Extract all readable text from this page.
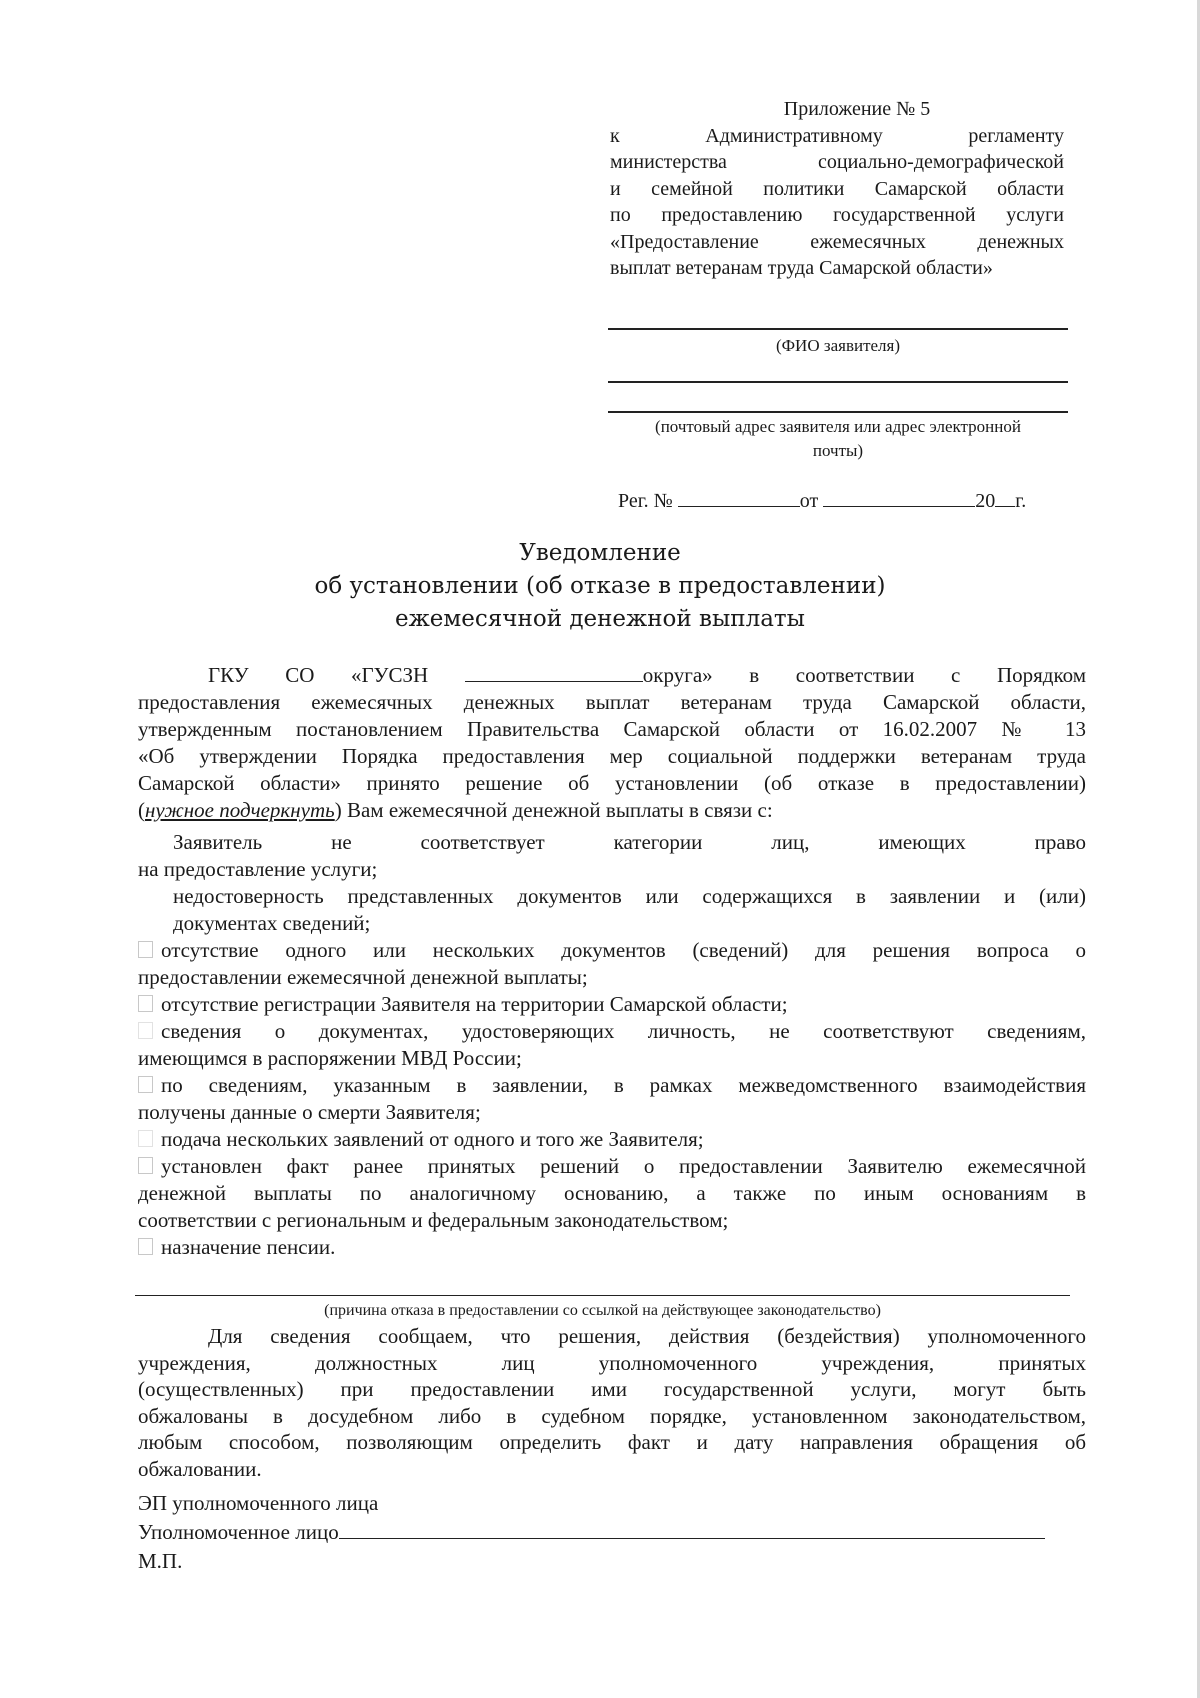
Приложение № 5
к Административному регламенту
министерства социально-демографической
и семейной политики Самарской области
по предоставлению государственной услуги
«Предоставление ежемесячных денежных
выплат ветеранам труда Самарской области»
(ФИО заявителя)
(почтовый адрес заявителя или адрес электронной
почты)
Рег. №	от	20 г.
Уведомление
об установлении (об отказе в предоставлении)
ежемесячной денежной выплаты
ГКУ СО «ГУСЗН	округа» в соответствии с Порядком
предоставления ежемесячных денежных выплат ветеранам труда Самарской области,
утвержденным постановлением Правительства Самарской области от 16.02.2007 № 13
«Об утверждении Порядка предоставления мер социальной поддержки ветеранам труда
Самарской области» принято решение об установлении (об отказе в предоставлении)
(нужное подчеркнуть) Вам ежемесячной денежной выплаты в связи с:
Заявитель не соответствует категории лиц, имеющих право
на предоставление услуги;
недостоверность представленных документов или содержащихся в заявлении и (или)
документах сведений;
отсутствие одного или нескольких документов (сведений) для решения вопроса о
предоставлении ежемесячной денежной выплаты;
отсутствие регистрации Заявителя на территории Самарской области;
сведения о документах, удостоверяющих личность, не соответствуют сведениям,
имеющимся в распоряжении МВД России;
по сведениям, указанным в заявлении, в рамках межведомственного взаимодействия
получены данные о смерти Заявителя;
подача нескольких заявлений от одного и того же Заявителя;
установлен факт ранее принятых решений о предоставлении Заявителю ежемесячной
денежной выплаты по аналогичному основанию, а также по иным основаниям в
соответствии с региональным и федеральным законодательством;
назначение пенсии.
(причина отказа в предоставлении со ссылкой на действующее законодательство)
Для сведения сообщаем, что решения, действия (бездействия) уполномоченного
учреждения, должностных лиц уполномоченного учреждения, принятых
(осуществленных) при предоставлении ими государственной услуги, могут быть
обжалованы в досудебном либо в судебном порядке, установленном законодательством,
любым способом, позволяющим определить факт и дату направления обращения об
обжаловании.
ЭП уполномоченного лица
Уполномоченное лицо
М.П.
